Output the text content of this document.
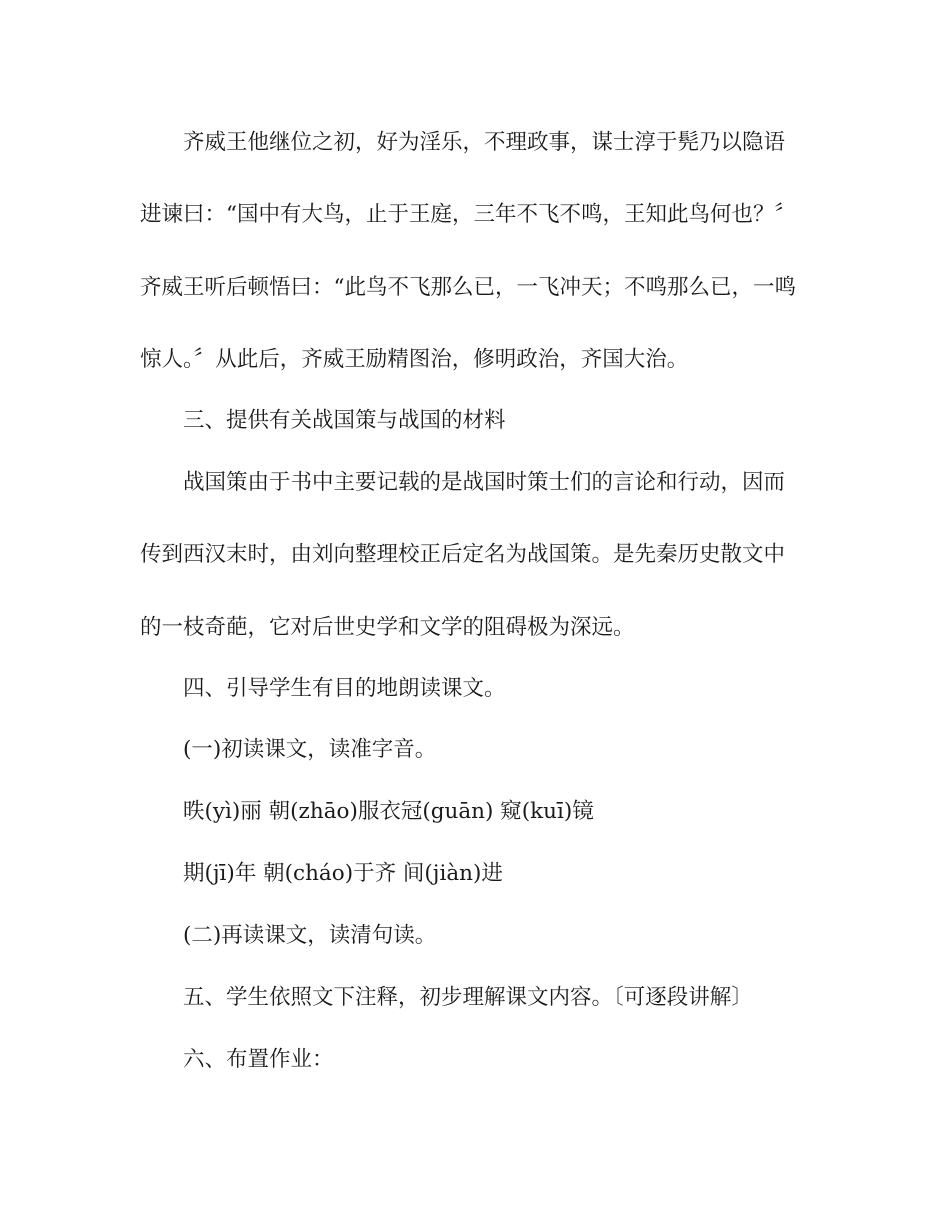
齐威王他继位之初，好为淫乐，不理政事，谋士淳于髡乃以隐语
进谏曰：“国中有大鸟，止于王庭，三年不飞不鸣，王知此鸟何也？〞
齐威王听后顿悟曰：“此鸟不飞那么已，一飞冲天；不鸣那么已，一鸣
惊人。〞从此后，齐威王励精图治，修明政治，齐国大治。
三、提供有关战国策与战国的材料
战国策由于书中主要记载的是战国时策士们的言论和行动，因而
传到西汉末时，由刘向整理校正后定名为战国策。是先秦历史散文中
的一枝奇葩，它对后世史学和文学的阻碍极为深远。
四、引导学生有目的地朗读课文。
(一)初读课文，读准字音。
昳(yì)丽 朝(zhāo)服衣冠(guān) 窥(kuī)镜
期(jī)年 朝(cháo)于齐 间(jiàn)进
(二)再读课文，读清句读。
五、学生依照文下注释，初步理解课文内容。〔可逐段讲解〕
六、布置作业：
